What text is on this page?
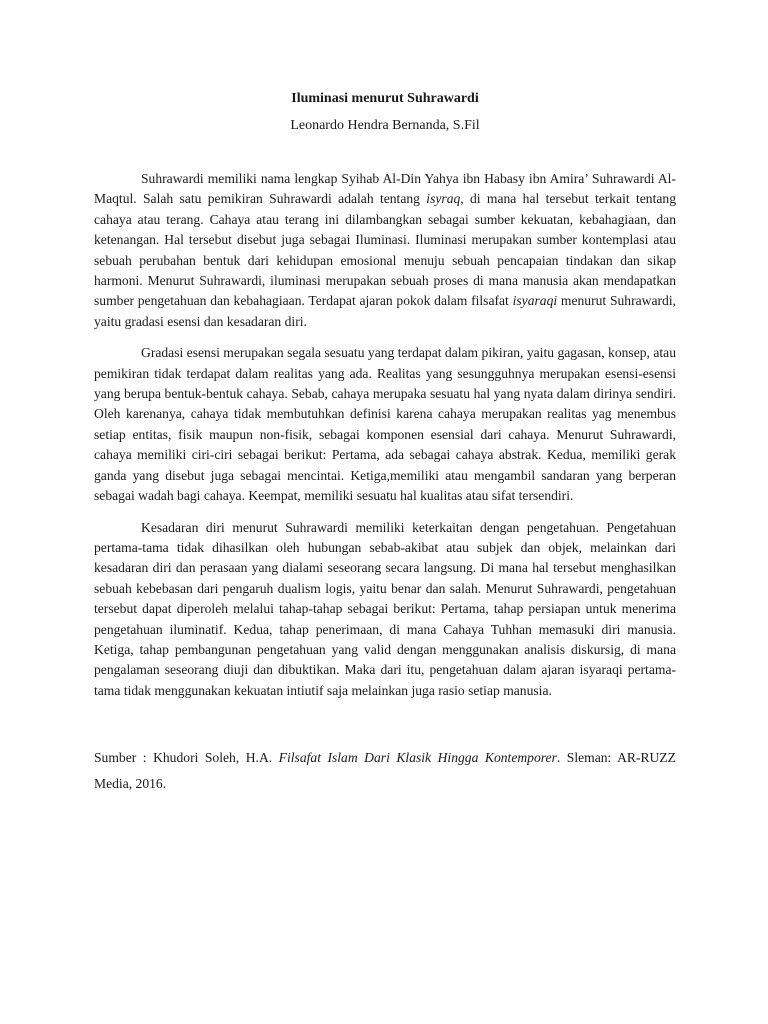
Iluminasi menurut Suhrawardi

Leonardo Hendra Bernanda, S.Fil

Suhrawardi memiliki nama lengkap Syihab Al-Din Yahya ibn Habasy ibn Amira’ Suhrawardi Al-Maqtul. Salah satu pemikiran Suhrawardi adalah tentang isyraq, di mana hal tersebut terkait tentang cahaya atau terang. Cahaya atau terang ini dilambangkan sebagai sumber kekuatan, kebahagiaan, dan ketenangan. Hal tersebut disebut juga sebagai Iluminasi. Iluminasi merupakan sumber kontemplasi atau sebuah perubahan bentuk dari kehidupan emosional menuju sebuah pencapaian tindakan dan sikap harmoni. Menurut Suhrawardi, iluminasi merupakan sebuah proses di mana manusia akan mendapatkan sumber pengetahuan dan kebahagiaan. Terdapat ajaran pokok dalam filsafat isyaraqi menurut Suhrawardi, yaitu gradasi esensi dan kesadaran diri.

Gradasi esensi merupakan segala sesuatu yang terdapat dalam pikiran, yaitu gagasan, konsep, atau pemikiran tidak terdapat dalam realitas yang ada. Realitas yang sesungguhnya merupakan esensi-esensi yang berupa bentuk-bentuk cahaya. Sebab, cahaya merupaka sesuatu hal yang nyata dalam dirinya sendiri. Oleh karenanya, cahaya tidak membutuhkan definisi karena cahaya merupakan realitas yag menembus setiap entitas, fisik maupun non-fisik, sebagai komponen esensial dari cahaya. Menurut Suhrawardi, cahaya memiliki ciri-ciri sebagai berikut: Pertama, ada sebagai cahaya abstrak. Kedua, memiliki gerak ganda yang disebut juga sebagai mencintai. Ketiga,memiliki atau mengambil sandaran yang berperan sebagai wadah bagi cahaya. Keempat, memiliki sesuatu hal kualitas atau sifat tersendiri.

Kesadaran diri menurut Suhrawardi memiliki keterkaitan dengan pengetahuan. Pengetahuan pertama-tama tidak dihasilkan oleh hubungan sebab-akibat atau subjek dan objek, melainkan dari kesadaran diri dan perasaan yang dialami seseorang secara langsung. Di mana hal tersebut menghasilkan sebuah kebebasan dari pengaruh dualism logis, yaitu benar dan salah. Menurut Suhrawardi, pengetahuan tersebut dapat diperoleh melalui tahap-tahap sebagai berikut: Pertama, tahap persiapan untuk menerima pengetahuan iluminatif. Kedua, tahap penerimaan, di mana Cahaya Tuhhan memasuki diri manusia. Ketiga, tahap pembangunan pengetahuan yang valid dengan menggunakan analisis diskursig, di mana pengalaman seseorang diuji dan dibuktikan. Maka dari itu, pengetahuan dalam ajaran isyaraqi pertama-tama tidak menggunakan kekuatan intiutif saja melainkan juga rasio setiap manusia.

Sumber : Khudori Soleh, H.A. Filsafat Islam Dari Klasik Hingga Kontemporer. Sleman: AR-RUZZ Media, 2016.
